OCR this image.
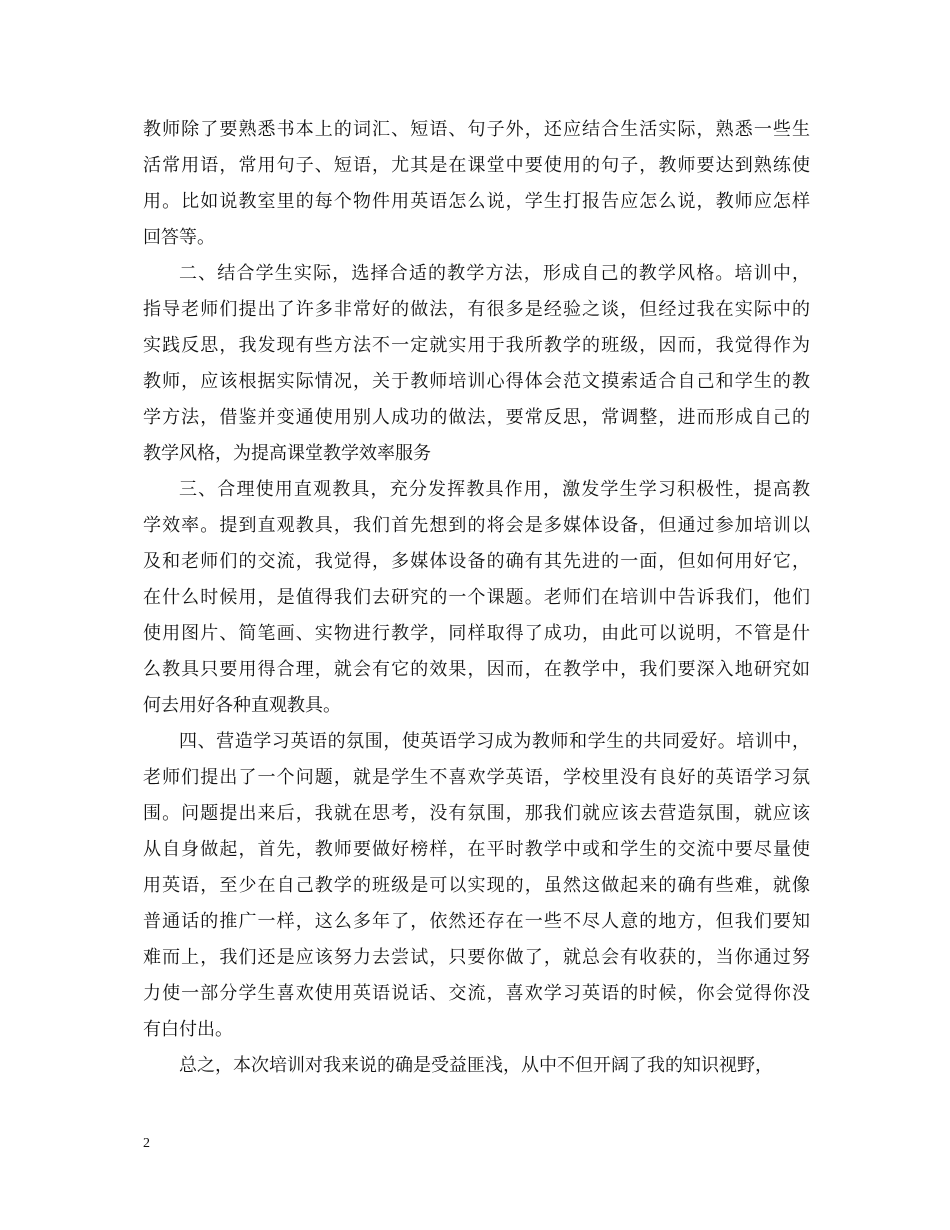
教师除了要熟悉书本上的词汇、短语、句子外，还应结合生活实际，熟悉一些生
活常用语，常用句子、短语，尤其是在课堂中要使用的句子，教师要达到熟练使
用。比如说教室里的每个物件用英语怎么说，学生打报告应怎么说，教师应怎样
回答等。
二、结合学生实际，选择合适的教学方法，形成自己的教学风格。培训中，
指导老师们提出了许多非常好的做法，有很多是经验之谈，但经过我在实际中的
实践反思，我发现有些方法不一定就实用于我所教学的班级，因而，我觉得作为
教师，应该根据实际情况，关于教师培训心得体会范文摸索适合自己和学生的教
学方法，借鉴并变通使用别人成功的做法，要常反思，常调整，进而形成自己的
教学风格，为提高课堂教学效率服务
三、合理使用直观教具，充分发挥教具作用，激发学生学习积极性，提高教
学效率。提到直观教具，我们首先想到的将会是多媒体设备，但通过参加培训以
及和老师们的交流，我觉得，多媒体设备的确有其先进的一面，但如何用好它，
在什么时候用，是值得我们去研究的一个课题。老师们在培训中告诉我们，他们
使用图片、简笔画、实物进行教学，同样取得了成功，由此可以说明，不管是什
么教具只要用得合理，就会有它的效果，因而，在教学中，我们要深入地研究如
何去用好各种直观教具。
四、营造学习英语的氛围，使英语学习成为教师和学生的共同爱好。培训中，
老师们提出了一个问题，就是学生不喜欢学英语，学校里没有良好的英语学习氛
围。问题提出来后，我就在思考，没有氛围，那我们就应该去营造氛围，就应该
从自身做起，首先，教师要做好榜样，在平时教学中或和学生的交流中要尽量使
用英语，至少在自己教学的班级是可以实现的，虽然这做起来的确有些难，就像
普通话的推广一样，这么多年了，依然还存在一些不尽人意的地方，但我们要知
难而上，我们还是应该努力去尝试，只要你做了，就总会有收获的，当你通过努
力使一部分学生喜欢使用英语说话、交流，喜欢学习英语的时候，你会觉得你没
有白付出。
总之，本次培训对我来说的确是受益匪浅，从中不但开阔了我的知识视野，
2
